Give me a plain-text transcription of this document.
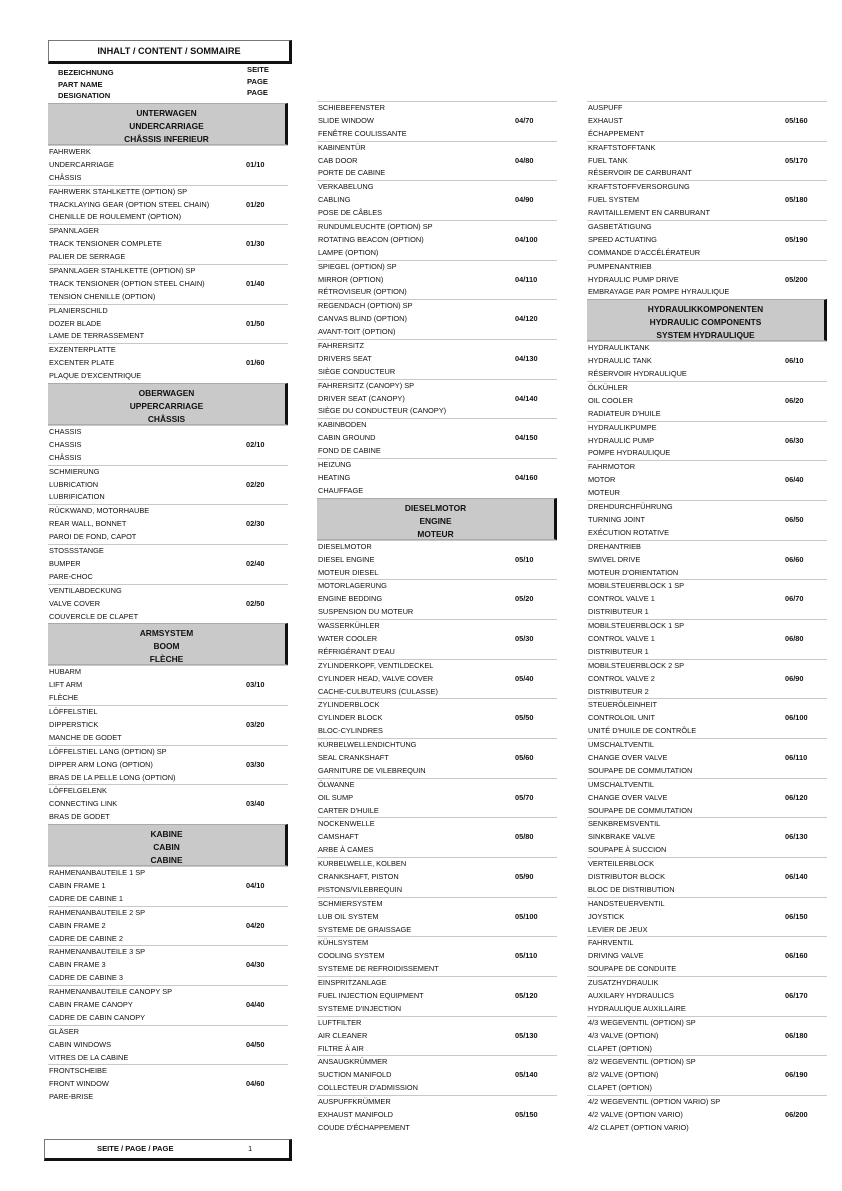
INHALT / CONTENT / SOMMAIRE
BEZEICHNUNG
PART NAME
DESIGNATION
SEITE
PAGE
PAGE
UNTERWAGEN
UNDERCARRIAGE
CHÂSSIS INFERIEUR
FAHRWERK
UNDERCARRIAGE
CHÂSSIS
01/10
FAHRWERK STAHLKETTE (OPTION) SP
TRACKLAYING GEAR (OPTION STEEL CHAIN)
CHENILLE DE ROULEMENT (OPTION)
01/20
SPANNLAGER
TRACK TENSIONER COMPLETE
PALIER DE SERRAGE
01/30
SPANNLAGER STAHLKETTE (OPTION) SP
TRACK TENSIONER (OPTION STEEL CHAIN)
TENSION CHENILLE (OPTION)
01/40
PLANIERSCHILD
DOZER BLADE
LAME DE TERRASSEMENT
01/50
EXZENTERPLATTE
EXCENTER PLATE
PLAQUE D'EXCENTRIQUE
01/60
OBERWAGEN
UPPERCARRIAGE
CHÂSSIS
CHASSIS
CHASSIS
CHÂSSIS
02/10
SCHMIERUNG
LUBRICATION
LUBRIFICATION
02/20
RÜCKWAND, MOTORHAUBE
REAR WALL, BONNET
PAROI DE FOND, CAPOT
02/30
STOSSSTANGE
BUMPER
PARE-CHOC
02/40
VENTILABDECKUNG
VALVE COVER
COUVERCLE DE CLAPET
02/50
ARMSYSTEM
BOOM
FLÈCHE
HUBARM
LIFT ARM
FLÈCHE
03/10
LÖFFELSTIEL
DIPPERSTICK
MANCHE DE GODET
03/20
LÖFFELSTIEL LANG (OPTION) SP
DIPPER ARM LONG (OPTION)
BRAS DE LA PELLE LONG (OPTION)
03/30
LÖFFELGELENK
CONNECTING LINK
BRAS DE GODET
03/40
KABINE
CABIN
CABINE
RAHMENANBAUTEILE 1 SP
CABIN FRAME 1
CADRE DE CABINE 1
04/10
RAHMENANBAUTEILE 2 SP
CABIN FRAME 2
CADRE DE CABINE 2
04/20
RAHMENANBAUTEILE 3 SP
CABIN FRAME 3
CADRE DE CABINE 3
04/30
RAHMENANBAUTEILE CANOPY SP
CABIN FRAME CANOPY
CADRE DE CABIN CANOPY
04/40
GLÄSER
CABIN WINDOWS
VITRES DE LA CABINE
04/50
FRONTSCHEIBE
FRONT WINDOW
PARE-BRISE
04/60
SCHIEBEFENSTER
SLIDE WINDOW
FENÊTRE COULISSANTE
04/70
KABINENTÜR
CAB DOOR
PORTE DE CABINE
04/80
VERKABELUNG
CABLING
POSE DE CÂBLES
04/90
RUNDUMLEUCHTE (OPTION) SP
ROTATING BEACON (OPTION)
LAMPE (OPTION)
04/100
SPIEGEL (OPTION) SP
MIRROR (OPTION)
RÉTROVISEUR (OPTION)
04/110
REGENDACH (OPTION) SP
CANVAS BLIND (OPTION)
AVANT-TOIT (OPTION)
04/120
FAHRERSITZ
DRIVERS SEAT
SIÈGE CONDUCTEUR
04/130
FAHRERSITZ (CANOPY) SP
DRIVER SEAT (CANOPY)
SIÈGE DU CONDUCTEUR (CANOPY)
04/140
KABINBODEN
CABIN GROUND
FOND DE CABINE
04/150
HEIZUNG
HEATING
CHAUFFAGE
04/160
DIESELMOTOR
ENGINE
MOTEUR
DIESELMOTOR
DIESEL ENGINE
MOTEUR DIESEL
05/10
MOTORLAGERUNG
ENGINE BEDDING
SUSPENSION DU MOTEUR
05/20
WASSERKÜHLER
WATER COOLER
RÉFRIGÉRANT D'EAU
05/30
ZYLINDERKOPF, VENTILDECKEL
CYLINDER HEAD, VALVE COVER
CACHE-CULBUTEURS (CULASSE)
05/40
ZYLINDERBLOCK
CYLINDER BLOCK
BLOC-CYLINDRES
05/50
KURBELWELLENDICHTUNG
SEAL CRANKSHAFT
GARNITURE DE VILEBREQUIN
05/60
ÖLWANNE
OIL SUMP
CARTER D'HUILE
05/70
NOCKENWELLE
CAMSHAFT
ARBE À CAMES
05/80
KURBELWELLE, KOLBEN
CRANKSHAFT, PISTON
PISTONS/VILEBREQUIN
05/90
SCHMIERSYSTEM
LUB OIL SYSTEM
SYSTEME DE GRAISSAGE
05/100
KÜHLSYSTEM
COOLING SYSTEM
SYSTEME DE REFROIDISSEMENT
05/110
EINSPRITZANLAGE
FUEL INJECTION EQUIPMENT
SYSTEME D'INJECTION
05/120
LUFTFILTER
AIR CLEANER
FILTRE À AIR
05/130
ANSAUGKRÜMMER
SUCTION MANIFOLD
COLLECTEUR D'ADMISSION
05/140
AUSPUFFKRÜMMER
EXHAUST MANIFOLD
COUDE D'ÉCHAPPEMENT
05/150
AUSPUFF
EXHAUST
ÉCHAPPEMENT
05/160
KRAFTSTOFFTANK
FUEL TANK
RÉSERVOIR DE CARBURANT
05/170
KRAFTSTOFFVERSORGUNG
FUEL SYSTEM
RAVITAILLEMENT EN CARBURANT
05/180
GASBETÄTIGUNG
SPEED ACTUATING
COMMANDE D'ACCÉLÉRATEUR
05/190
PUMPENANTRIEB
HYDRAULIC PUMP DRIVE
EMBRAYAGE PAR POMPE HYRAULIQUE
05/200
HYDRAULIKKOMPONENTEN
HYDRAULIC COMPONENTS
SYSTEM HYDRAULIQUE
HYDRAULIKTANK
HYDRAULIC TANK
RÉSERVOIR HYDRAULIQUE
06/10
ÖLKÜHLER
OIL COOLER
RADIATEUR D'HUILE
06/20
HYDRAULIKPUMPE
HYDRAULIC PUMP
POMPE HYDRAULIQUE
06/30
FAHRMOTOR
MOTOR
MOTEUR
06/40
DREHDURCHFÜHRUNG
TURNING JOINT
EXÉCUTION ROTATIVE
06/50
DREHANTRIEB
SWIVEL DRIVE
MOTEUR D'ORIENTATION
06/60
MOBILSTEUERBLOCK 1 SP
CONTROL VALVE 1
DISTRIBUTEUR 1
06/70
MOBILSTEUERBLOCK 1 SP
CONTROL VALVE 1
DISTRIBUTEUR 1
06/80
MOBILSTEUERBLOCK 2 SP
CONTROL VALVE 2
DISTRIBUTEUR 2
06/90
STEUERÖLEINHEIT
CONTROLOIL UNIT
UNITÉ D'HUILE DE CONTRÔLE
06/100
UMSCHALTVENTIL
CHANGE OVER VALVE
SOUPAPE DE COMMUTATION
06/110
UMSCHALTVENTIL
CHANGE OVER VALVE
SOUPAPE DE COMMUTATION
06/120
SENKBREMSVENTIL
SINKBRAKE VALVE
SOUPAPE À SUCCION
06/130
VERTEILERBLOCK
DISTRIBUTOR BLOCK
BLOC DE DISTRIBUTION
06/140
HANDSTEUERVENTIL
JOYSTICK
LEVIER DE JEUX
06/150
FAHRVENTIL
DRIVING VALVE
SOUPAPE DE CONDUITE
06/160
ZUSATZHYDRAULIK
AUXILARY HYDRAULICS
HYDRAULIQUE AUXILLAIRE
06/170
4/3 WEGEVENTIL (OPTION) SP
4/3 VALVE (OPTION)
CLAPET (OPTION)
06/180
8/2 WEGEVENTIL (OPTION) SP
8/2 VALVE (OPTION)
CLAPET (OPTION)
06/190
4/2 WEGEVENTIL (OPTION VARIO) SP
4/2 VALVE (OPTION VARIO)
4/2 CLAPET (OPTION VARIO)
06/200
SEITE / PAGE / PAGE	1
